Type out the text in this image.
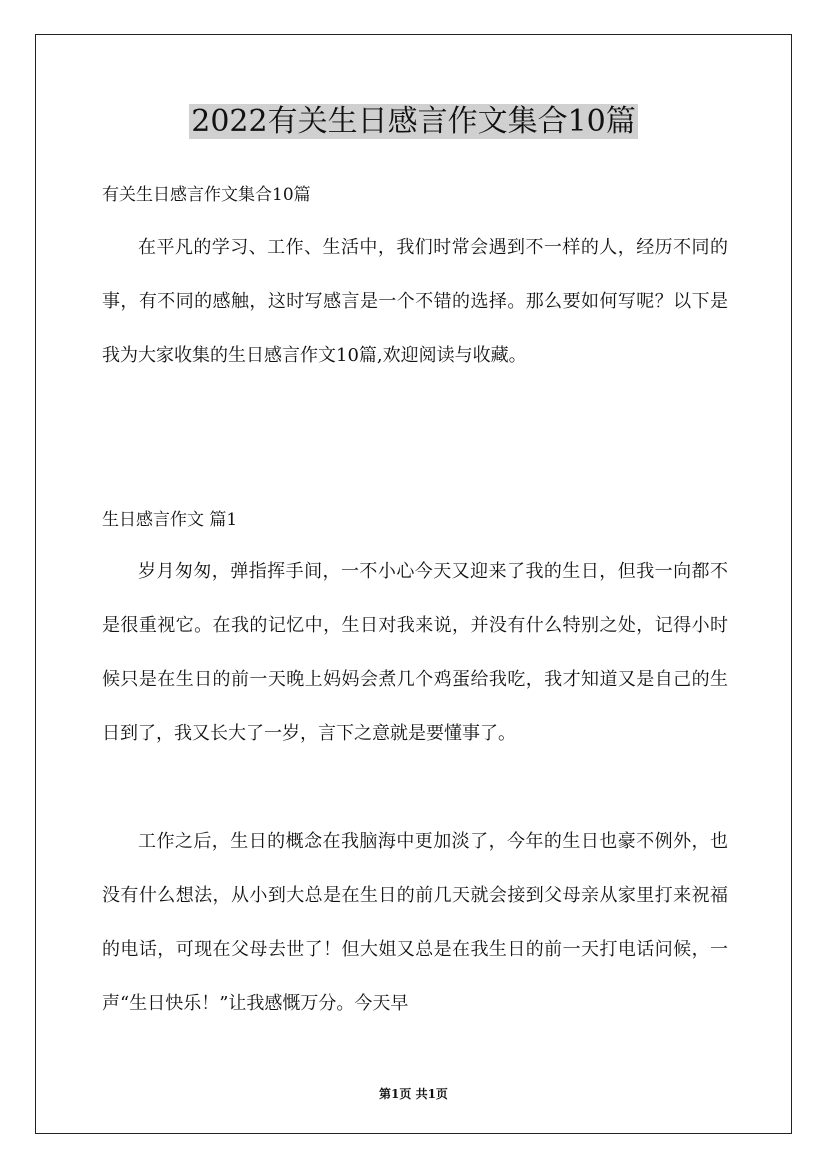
2022有关生日感言作文集合10篇

有关生日感言作文集合10篇

在平凡的学习、工作、生活中，我们时常会遇到不一样的人，经历不同的事，有不同的感触，这时写感言是一个不错的选择。那么要如何写呢？以下是我为大家收集的生日感言作文10篇,欢迎阅读与收藏。

生日感言作文 篇1

岁月匆匆，弹指挥手间，一不小心今天又迎来了我的生日，但我一向都不是很重视它。在我的记忆中，生日对我来说，并没有什么特别之处，记得小时候只是在生日的前一天晚上妈妈会煮几个鸡蛋给我吃，我才知道又是自己的生日到了，我又长大了一岁，言下之意就是要懂事了。

工作之后，生日的概念在我脑海中更加淡了，今年的生日也豪不例外，也没有什么想法，从小到大总是在生日的前几天就会接到父母亲从家里打来祝福的电话，可现在父母去世了！但大姐又总是在我生日的前一天打电话问候，一声“生日快乐！”让我感慨万分。今天早

第1页 共1页
